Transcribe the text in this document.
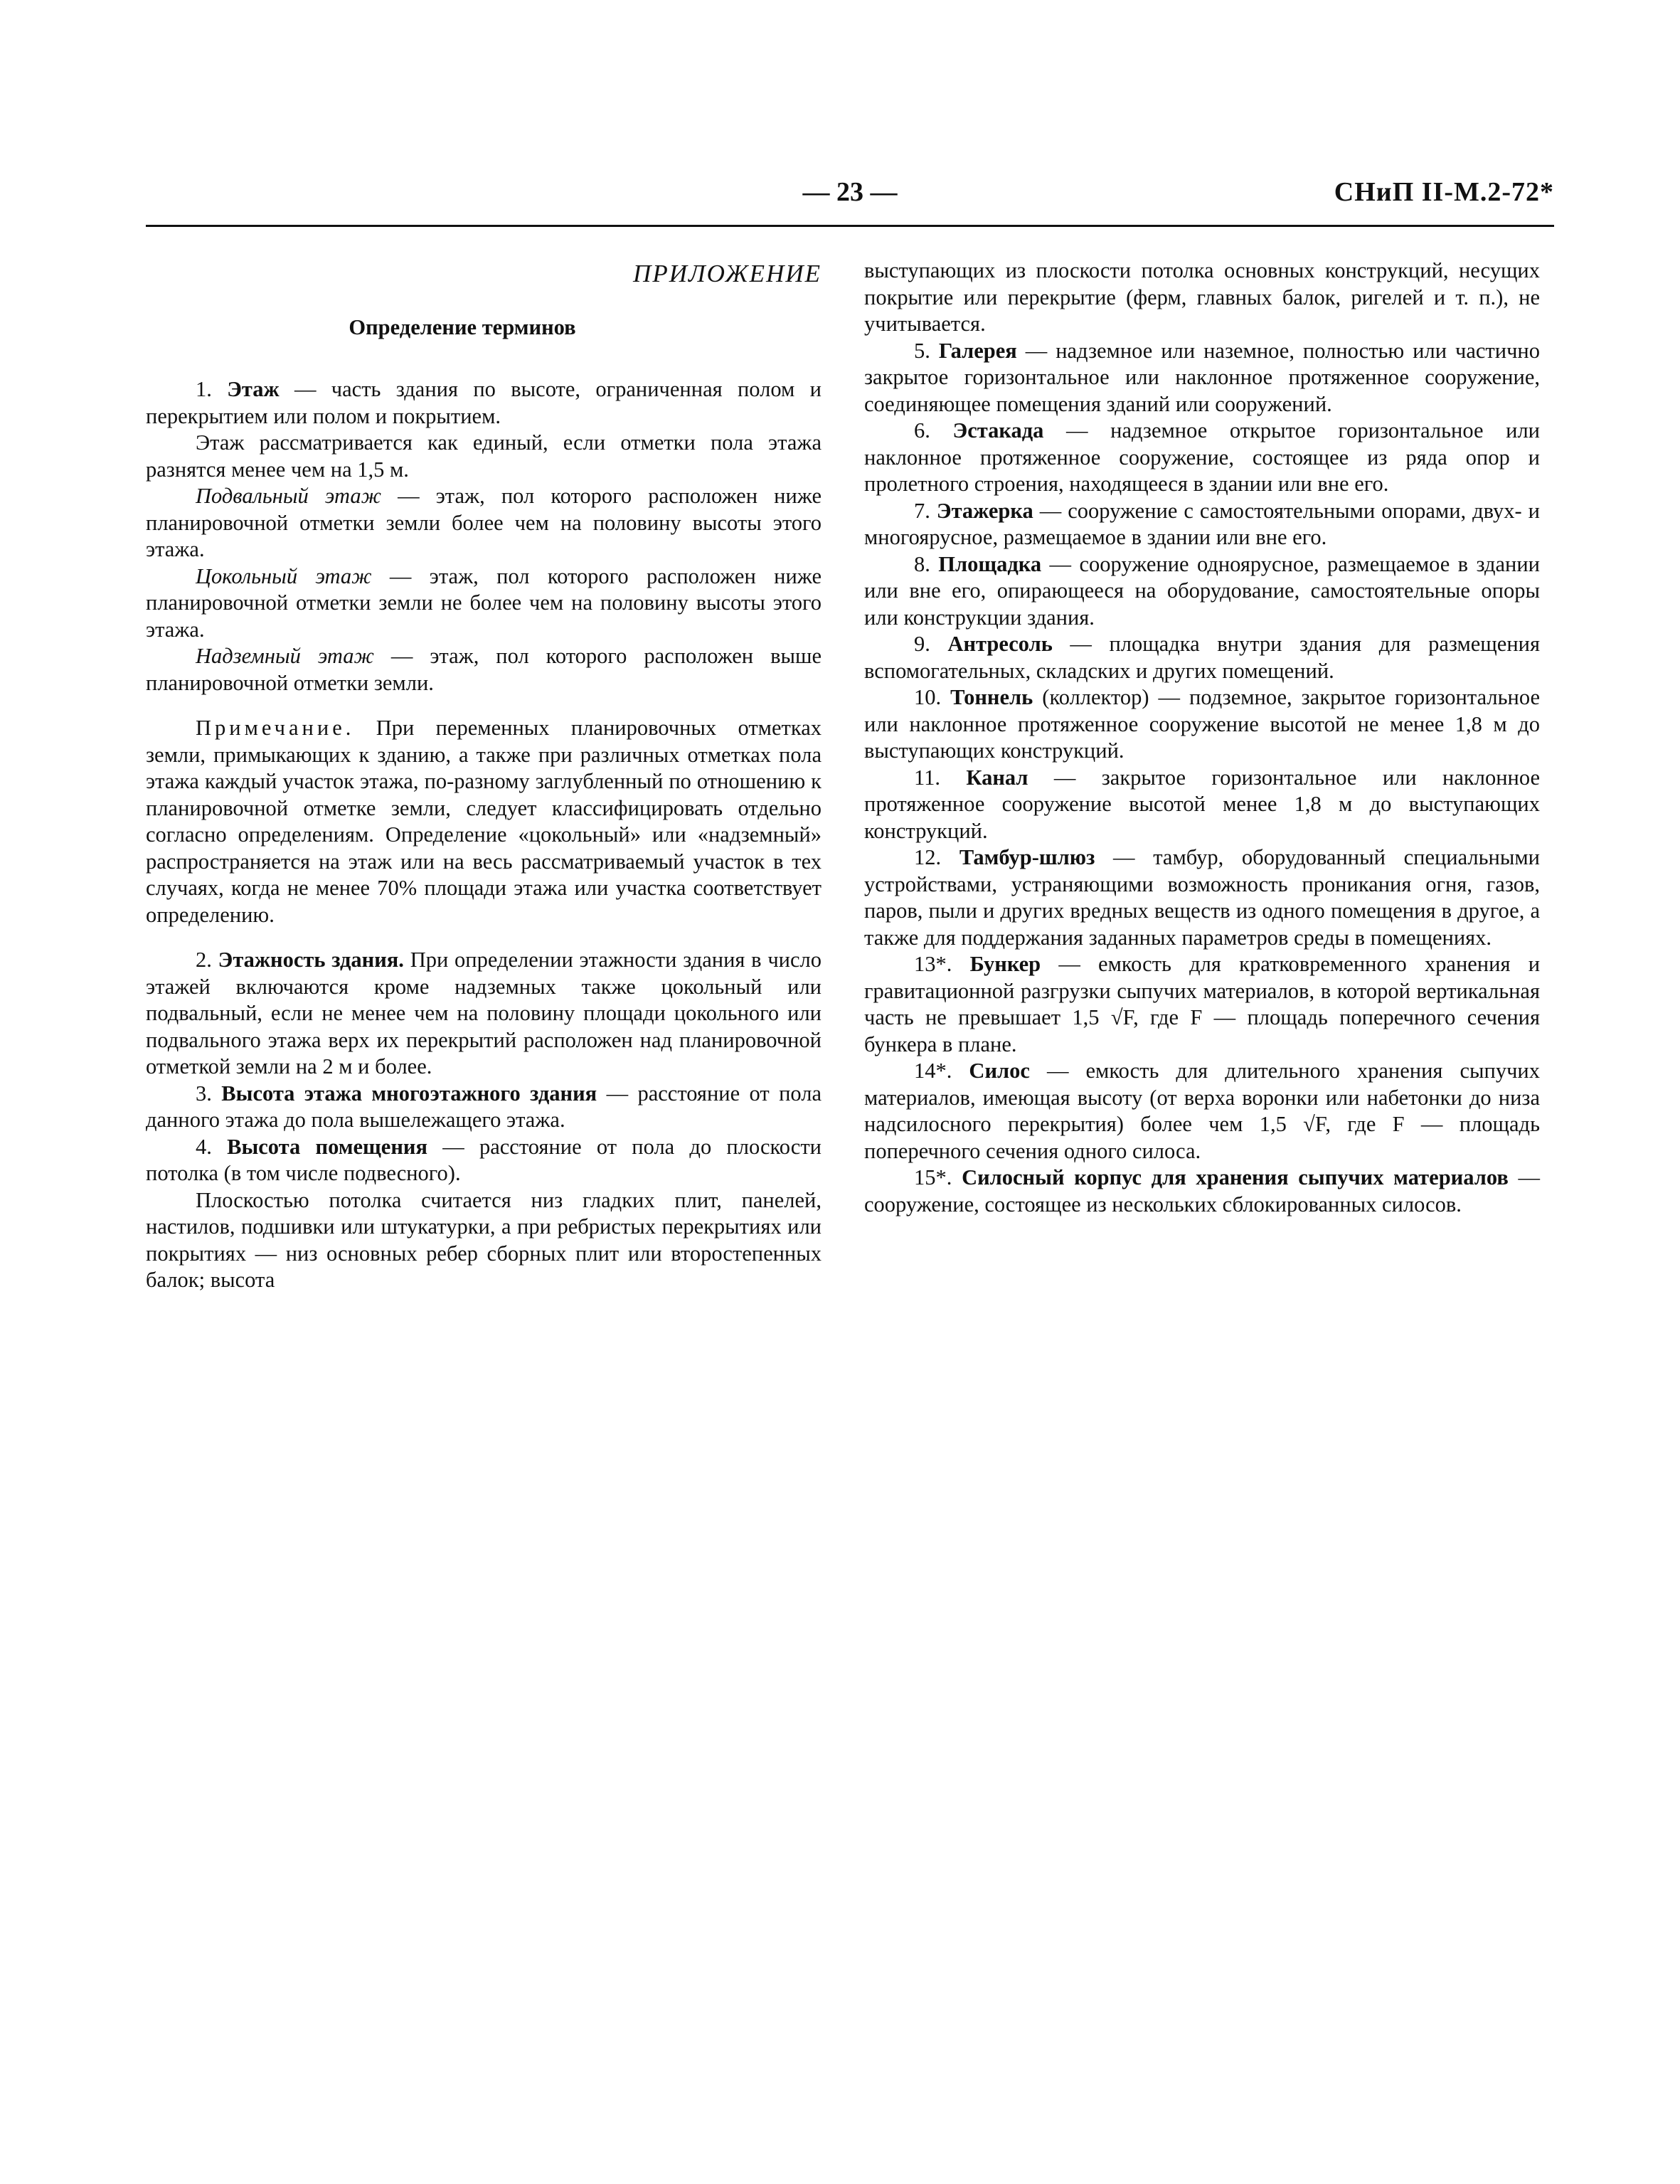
— 23 —	СНиП II-М.2-72*
ПРИЛОЖЕНИЕ
Определение терминов

1. Этаж — часть здания по высоте, ограниченная полом и перекрытием или полом и покрытием.

Этаж рассматривается как единый, если отметки пола этажа разнятся менее чем на 1,5 м.

Подвальный этаж — этаж, пол которого расположен ниже планировочной отметки земли более чем на половину высоты этого этажа.

Цокольный этаж — этаж, пол которого расположен ниже планировочной отметки земли не более чем на половину высоты этого этажа.

Надземный этаж — этаж, пол которого расположен выше планировочной отметки земли.

Примечание. При переменных планировочных отметках земли, примыкающих к зданию, а также при различных отметках пола этажа каждый участок этажа, по-разному заглубленный по отношению к планировочной отметке земли, следует классифицировать отдельно согласно определениям. Определение «цокольный» или «надземный» распространяется на этаж или на весь рассматриваемый участок в тех случаях, когда не менее 70% площади этажа или участка соответствует определению.

2. Этажность здания. При определении этажности здания в число этажей включаются кроме надземных также цокольный или подвальный, если не менее чем на половину площади цокольного или подвального этажа верх их перекрытий расположен над планировочной отметкой земли на 2 м и более.

3. Высота этажа многоэтажного здания — расстояние от пола данного этажа до пола вышележащего этажа.

4. Высота помещения — расстояние от пола до плоскости потолка (в том числе подвесного).

Плоскостью потолка считается низ гладких плит, панелей, настилов, подшивки или штукатурки, а при ребристых перекрытиях или покрытиях — низ основных ребер сборных плит или второстепенных балок; высота

выступающих из плоскости потолка основных конструкций, несущих покрытие или перекрытие (ферм, главных балок, ригелей и т. п.), не учитывается.

5. Галерея — надземное или наземное, полностью или частично закрытое горизонтальное или наклонное протяженное сооружение, соединяющее помещения зданий или сооружений.

6. Эстакада — надземное открытое горизонтальное или наклонное протяженное сооружение, состоящее из ряда опор и пролетного строения, находящееся в здании или вне его.

7. Этажерка — сооружение с самостоятельными опорами, двух- и многоярусное, размещаемое в здании или вне его.

8. Площадка — сооружение одноярусное, размещаемое в здании или вне его, опирающееся на оборудование, самостоятельные опоры или конструкции здания.

9. Антресоль — площадка внутри здания для размещения вспомогательных, складских и других помещений.

10. Тоннель (коллектор) — подземное, закрытое горизонтальное или наклонное протяженное сооружение высотой не менее 1,8 м до выступающих конструкций.

11. Канал — закрытое горизонтальное или наклонное протяженное сооружение высотой менее 1,8 м до выступающих конструкций.

12. Тамбур-шлюз — тамбур, оборудованный специальными устройствами, устраняющими возможность проникания огня, газов, паров, пыли и других вредных веществ из одного помещения в другое, а также для поддержания заданных параметров среды в помещениях.

13*. Бункер — емкость для кратковременного хранения и гравитационной разгрузки сыпучих материалов, в которой вертикальная часть не превышает 1,5 √F, где F — площадь поперечного сечения бункера в плане.

14*. Силос — емкость для длительного хранения сыпучих материалов, имеющая высоту (от верха воронки или набетонки до низа надсилосного перекрытия) более чем 1,5 √F, где F — площадь поперечного сечения одного силоса.

15*. Силосный корпус для хранения сыпучих материалов — сооружение, состоящее из нескольких сблокированных силосов.
